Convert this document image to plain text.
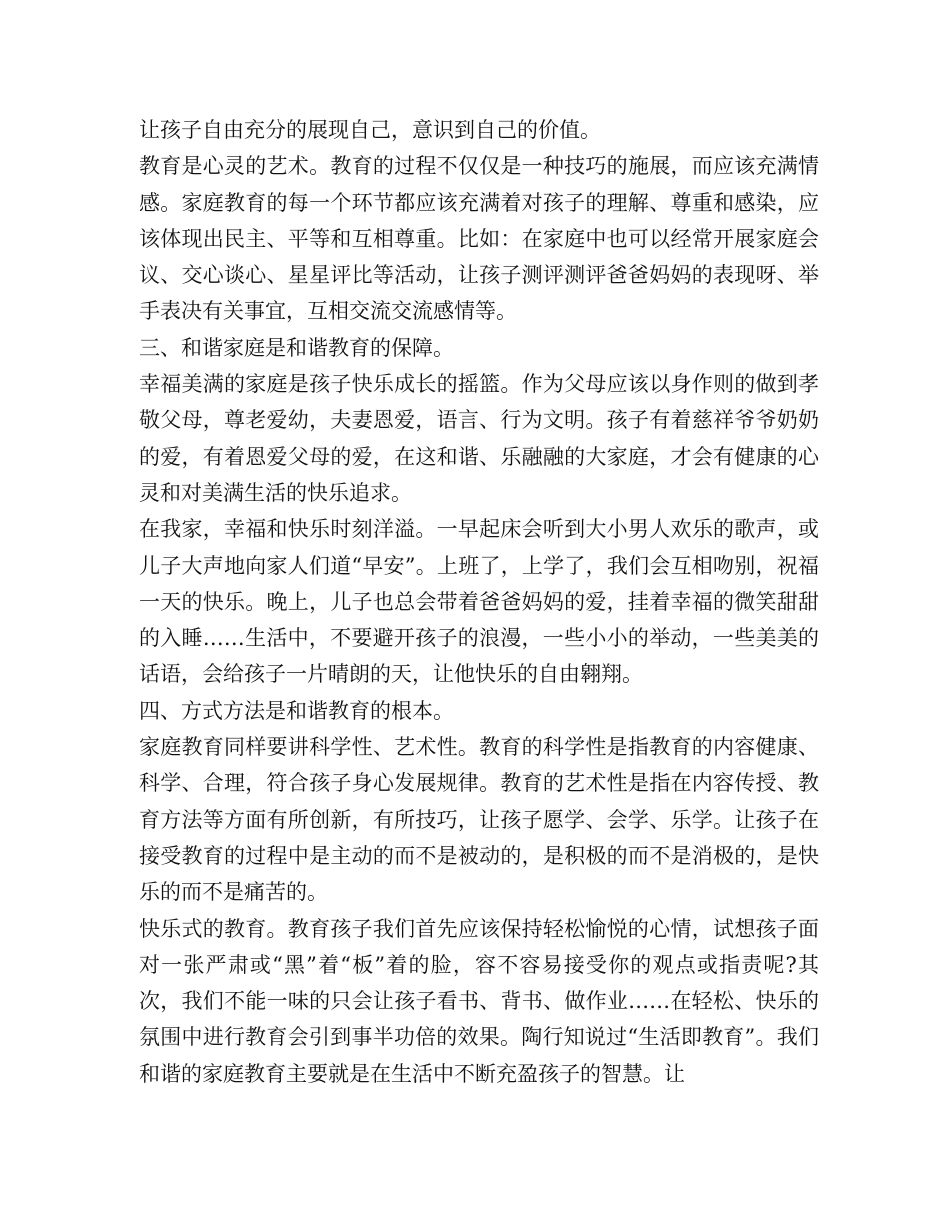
让孩子自由充分的展现自己，意识到自己的价值。

教育是心灵的艺术。教育的过程不仅仅是一种技巧的施展，而应该充满情感。家庭教育的每一个环节都应该充满着对孩子的理解、尊重和感染，应该体现出民主、平等和互相尊重。比如：在家庭中也可以经常开展家庭会议、交心谈心、星星评比等活动，让孩子测评测评爸爸妈妈的表现呀、举手表决有关事宜，互相交流交流感情等。

三、和谐家庭是和谐教育的保障。

幸福美满的家庭是孩子快乐成长的摇篮。作为父母应该以身作则的做到孝敬父母，尊老爱幼，夫妻恩爱，语言、行为文明。孩子有着慈祥爷爷奶奶的爱，有着恩爱父母的爱，在这和谐、乐融融的大家庭，才会有健康的心灵和对美满生活的快乐追求。

在我家，幸福和快乐时刻洋溢。一早起床会听到大小男人欢乐的歌声，或儿子大声地向家人们道“早安”。上班了，上学了，我们会互相吻别，祝福一天的快乐。晚上，儿子也总会带着爸爸妈妈的爱，挂着幸福的微笑甜甜的入睡……生活中，不要避开孩子的浪漫，一些小小的举动，一些美美的话语，会给孩子一片晴朗的天，让他快乐的自由翱翔。

四、方式方法是和谐教育的根本。

家庭教育同样要讲科学性、艺术性。教育的科学性是指教育的内容健康、科学、合理，符合孩子身心发展规律。教育的艺术性是指在内容传授、教育方法等方面有所创新，有所技巧，让孩子愿学、会学、乐学。让孩子在接受教育的过程中是主动的而不是被动的，是积极的而不是消极的，是快乐的而不是痛苦的。

快乐式的教育。教育孩子我们首先应该保持轻松愉悦的心情，试想孩子面对一张严肃或“黑”着“板”着的脸，容不容易接受你的观点或指责呢?其次，我们不能一味的只会让孩子看书、背书、做作业……在轻松、快乐的氛围中进行教育会引到事半功倍的效果。陶行知说过“生活即教育”。我们和谐的家庭教育主要就是在生活中不断充盈孩子的智慧。让
